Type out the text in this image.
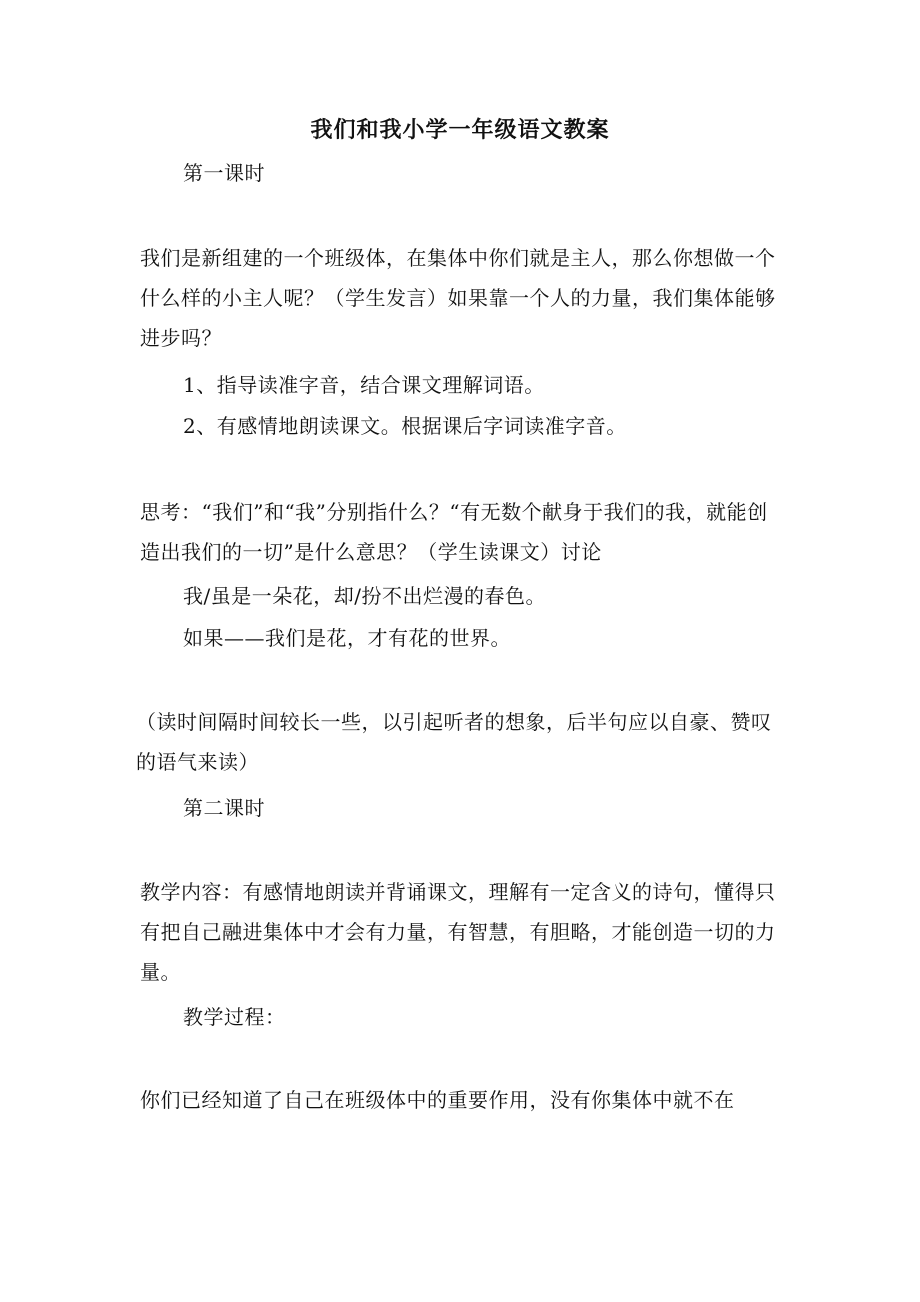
我们和我小学一年级语文教案
第一课时
我们是新组建的一个班级体，在集体中你们就是主人，那么你想做一个什么样的小主人呢？（学生发言）如果靠一个人的力量，我们集体能够进步吗？
1、指导读准字音，结合课文理解词语。
2、有感情地朗读课文。根据课后字词读准字音。
思考：“我们”和“我”分别指什么？“有无数个献身于我们的我，就能创造出我们的一切”是什么意思？（学生读课文）讨论
我/虽是一朵花，却/扮不出烂漫的春色。
如果——我们是花，才有花的世界。
（读时间隔时间较长一些，以引起听者的想象，后半句应以自豪、赞叹的语气来读）
第二课时
教学内容：有感情地朗读并背诵课文，理解有一定含义的诗句，懂得只有把自己融进集体中才会有力量，有智慧，有胆略，才能创造一切的力量。
教学过程：
你们已经知道了自己在班级体中的重要作用，没有你集体中就不在
